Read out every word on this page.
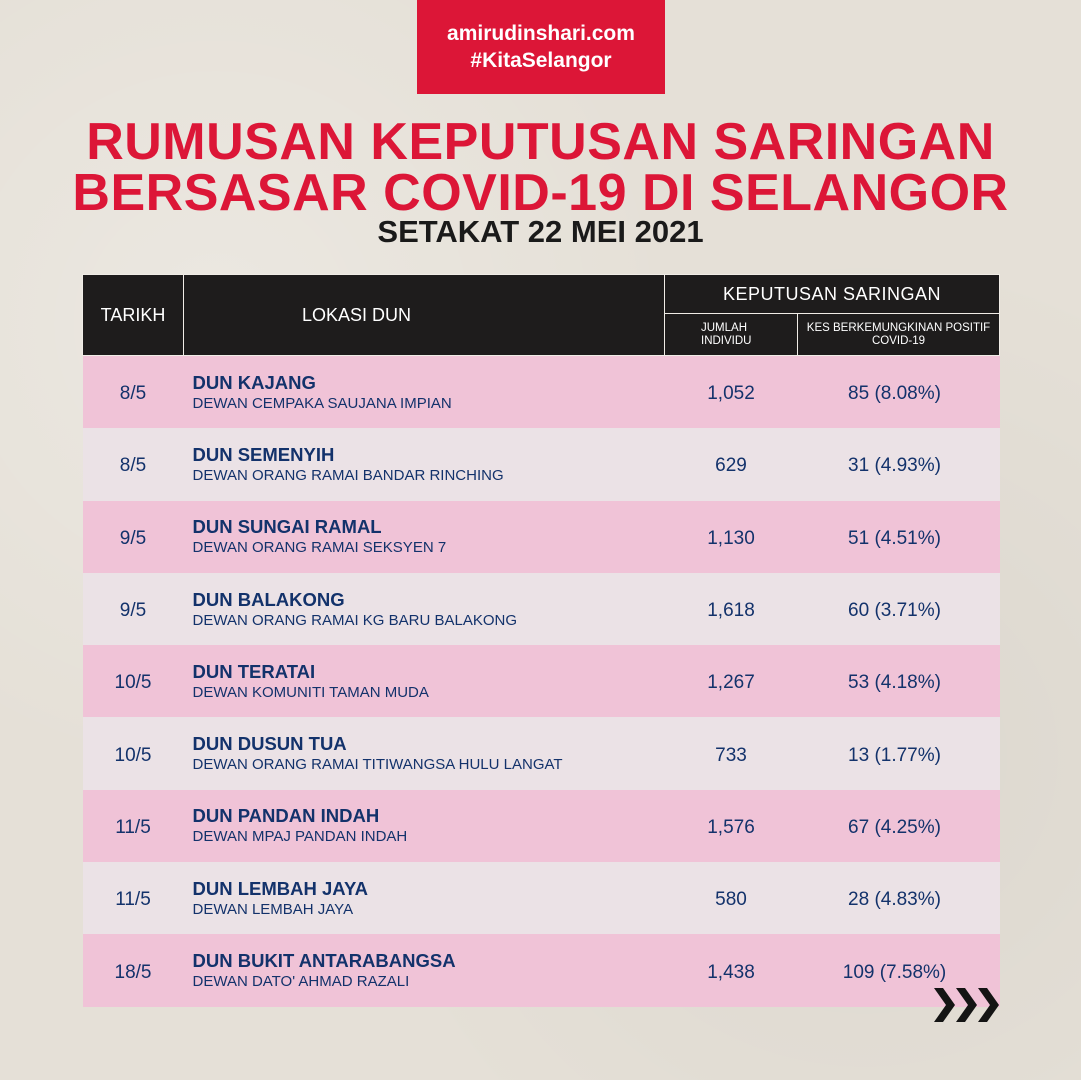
amirudinshari.com
#KitaSelangor
RUMUSAN KEPUTUSAN SARINGAN
BERSASAR COVID-19 DI SELANGOR
SETAKAT 22 MEI 2021
TARIKH	LOKASI DUN	KEPUTUSAN SARINGAN	
		JUMLAH INDIVIDU	KES BERKEMUNGKINAN POSITIF COVID-19
8/5	DUN KAJANG
DEWAN CEMPAKA SAUJANA IMPIAN	1,052	85 (8.08%)
8/5	DUN SEMENYIH
DEWAN ORANG RAMAI BANDAR RINCHING	629	31 (4.93%)
9/5	DUN SUNGAI RAMAL
DEWAN ORANG RAMAI SEKSYEN 7	1,130	51 (4.51%)
9/5	DUN BALAKONG
DEWAN ORANG RAMAI KG BARU BALAKONG	1,618	60 (3.71%)
10/5	DUN TERATAI
DEWAN KOMUNITI TAMAN MUDA	1,267	53 (4.18%)
10/5	DUN DUSUN TUA
DEWAN ORANG RAMAI TITIWANGSA HULU LANGAT	733	13 (1.77%)
11/5	DUN PANDAN INDAH
DEWAN MPAJ PANDAN INDAH	1,576	67 (4.25%)
11/5	DUN LEMBAH JAYA
DEWAN LEMBAH JAYA	580	28 (4.83%)
18/5	DUN BUKIT ANTARABANGSA
DEWAN DATO' AHMAD RAZALI	1,438	109 (7.58%)
